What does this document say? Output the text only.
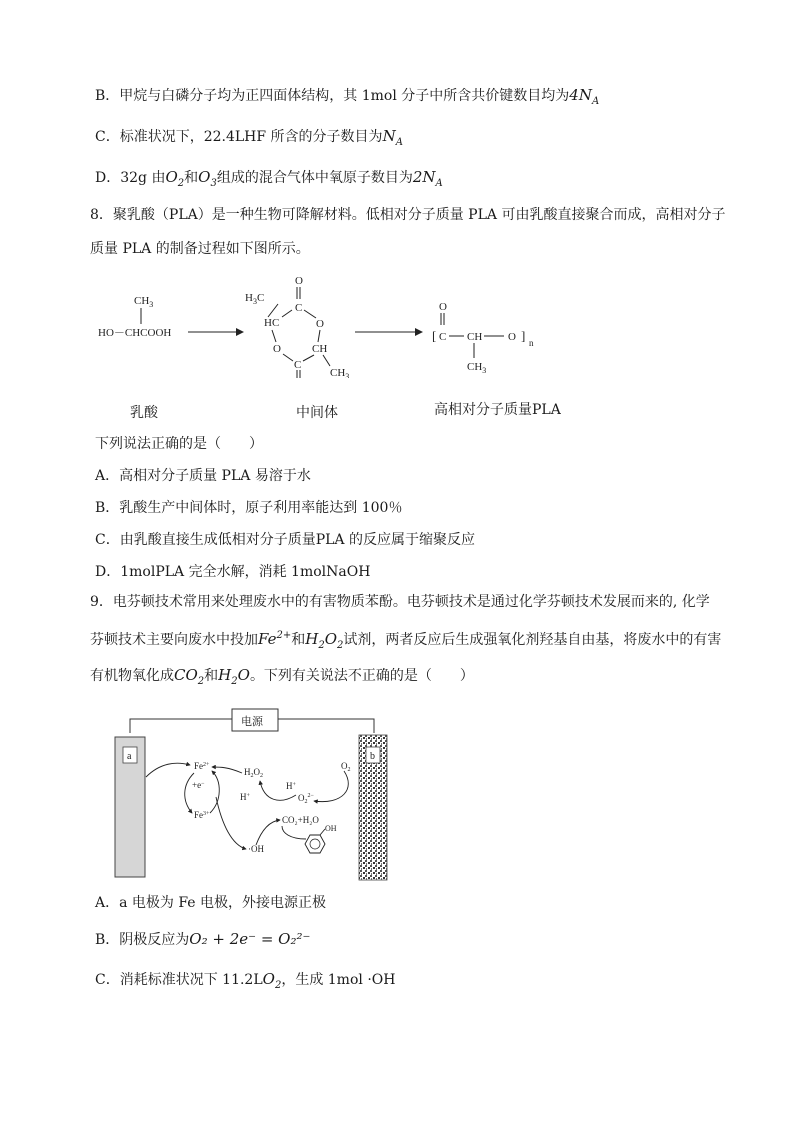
B．甲烷与白磷分子均为正四面体结构，其 1mol 分子中所含共价键数目均为$4N_A$
C．标准状况下，22.4LHF 所含的分子数目为$N_A$
D．32g 由$O_2$和$O_3$组成的混合气体中氧原子数目为$2N_A$
8．聚乳酸（PLA）是一种生物可降解材料。低相对分子质量 PLA 可由乳酸直接聚合而成，高相对分子
质量 PLA 的制备过程如下图所示。
$CH_3$
HO－CHCOOH
$H_3C$
O
C
HC	O
O	CH
C
$CH_3$
O
[ C CH O ] n
$CH_3$
乳酸	中间体	高相对分子质量PLA
下列说法正确的是（　　）
A．高相对分子质量 PLA 易溶于水
B．乳酸生产中间体时，原子利用率能达到 100％
C．由乳酸直接生成低相对分子质量PLA 的反应属于缩聚反应
D．1molPLA 完全水解，消耗 1molNaOH
9．电芬顿技术常用来处理废水中的有害物质苯酚。电芬顿技术是通过化学芬顿技术发展而来的, 化学
芬顿技术主要向废水中投加$Fe^{2+}$和$H_2O_2$试剂，两者反应后生成强氧化剂羟基自由基，将废水中的有害
有机物氧化成$CO_2$和$H_2O$。下列有关说法不正确的是（　　）
电源
a	b
$Fe^{2+}$
+e−
$Fe^{3+}$
$H_2O_2$
H+
H+
$O_2^{2-}$
$O_2$
CO₂+H₂O
·OH
OH
A．a 电极为 Fe 电极，外接电源正极
B．阴极反应为O₂ + 2e⁻ = O₂²⁻
C．消耗标准状况下 $11.2LO_2$，生成 1mol ·OH
